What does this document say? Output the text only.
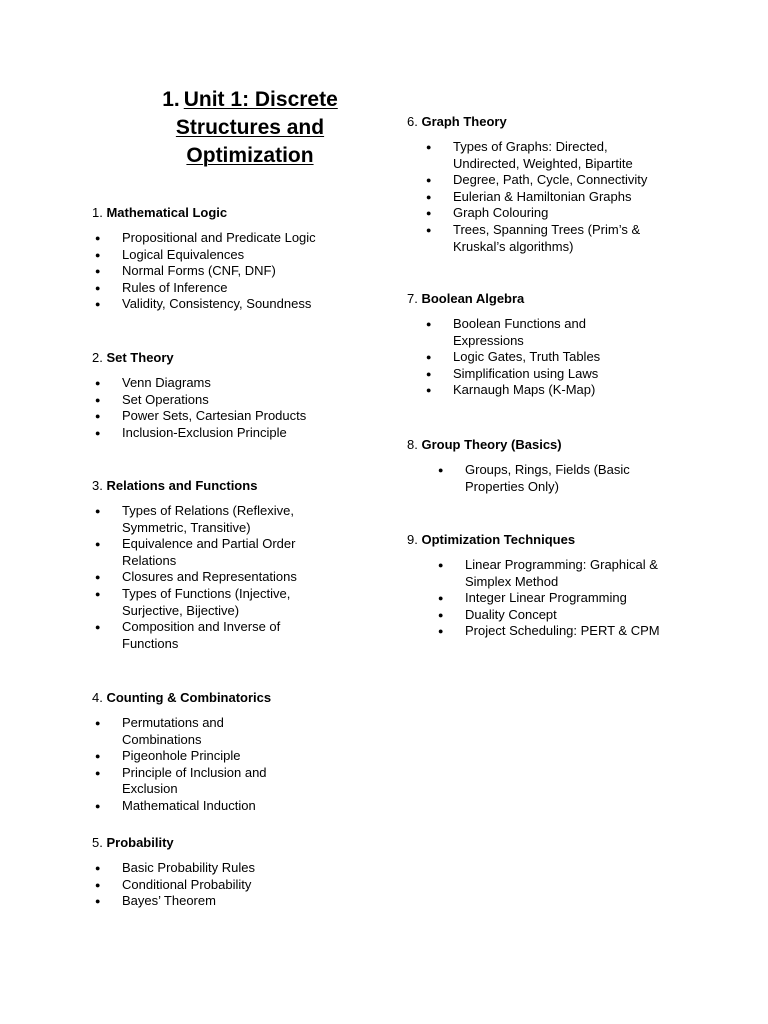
1. Unit 1: Discrete Structures and Optimization
1. Mathematical Logic
● Propositional and Predicate Logic
● Logical Equivalences
● Normal Forms (CNF, DNF)
● Rules of Inference
● Validity, Consistency, Soundness
2. Set Theory
● Venn Diagrams
● Set Operations
● Power Sets, Cartesian Products
● Inclusion-Exclusion Principle
3. Relations and Functions
● Types of Relations (Reflexive, Symmetric, Transitive)
● Equivalence and Partial Order Relations
● Closures and Representations
● Types of Functions (Injective, Surjective, Bijective)
● Composition and Inverse of Functions
4. Counting & Combinatorics
● Permutations and Combinations
● Pigeonhole Principle
● Principle of Inclusion and Exclusion
● Mathematical Induction
5. Probability
● Basic Probability Rules
● Conditional Probability
● Bayes’ Theorem
6. Graph Theory
● Types of Graphs: Directed, Undirected, Weighted, Bipartite
● Degree, Path, Cycle, Connectivity
● Eulerian & Hamiltonian Graphs
● Graph Colouring
● Trees, Spanning Trees (Prim’s & Kruskal’s algorithms)
7. Boolean Algebra
● Boolean Functions and Expressions
● Logic Gates, Truth Tables
● Simplification using Laws
● Karnaugh Maps (K-Map)
8. Group Theory (Basics)
● Groups, Rings, Fields (Basic Properties Only)
9. Optimization Techniques
● Linear Programming: Graphical & Simplex Method
● Integer Linear Programming
● Duality Concept
● Project Scheduling: PERT & CPM
